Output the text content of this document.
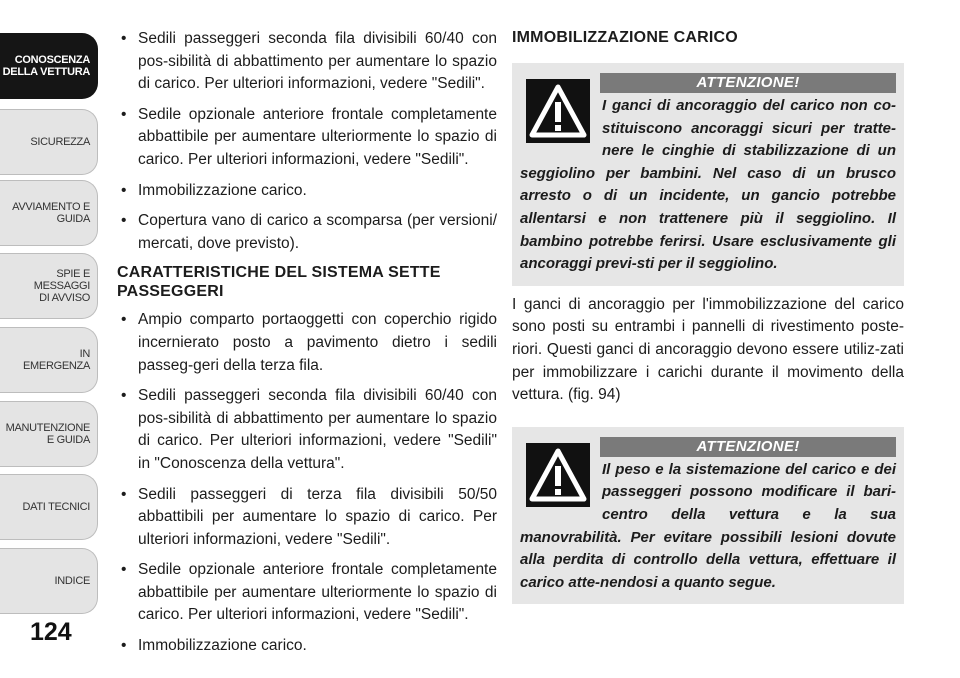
CONOSCENZA
DELLA VETTURA
SICUREZZA
AVVIAMENTO E
GUIDA
SPIE E
MESSAGGI
DI AVVISO
IN
EMERGENZA
MANUTENZIONE
E GUIDA
DATI TECNICI
INDICE
124
• Sedili passeggeri seconda fila divisibili 60/40 con pos-sibilità di abbattimento per aumentare lo spazio di carico. Per ulteriori informazioni, vedere "Sedili".
• Sedile opzionale anteriore frontale completamente abbattibile per aumentare ulteriormente lo spazio di carico. Per ulteriori informazioni, vedere "Sedili".
• Immobilizzazione carico.
• Copertura vano di carico a scomparsa (per versioni/ mercati, dove previsto).
CARATTERISTICHE DEL SISTEMA SETTE PASSEGGERI
• Ampio comparto portaoggetti con coperchio rigido incernierato posto a pavimento dietro i sedili passeg-geri della terza fila.
• Sedili passeggeri seconda fila divisibili 60/40 con pos-sibilità di abbattimento per aumentare lo spazio di carico. Per ulteriori informazioni, vedere "Sedili" in "Conoscenza della vettura".
• Sedili passeggeri di terza fila divisibili 50/50 abbattibili per aumentare lo spazio di carico. Per ulteriori informazioni, vedere "Sedili".
• Sedile opzionale anteriore frontale completamente abbattibile per aumentare ulteriormente lo spazio di carico. Per ulteriori informazioni, vedere "Sedili".
• Immobilizzazione carico.
IMMOBILIZZAZIONE CARICO
ATTENZIONE!
I ganci di ancoraggio del carico non co-stituiscono ancoraggi sicuri per tratte-nere le cinghie di stabilizzazione di un seggiolino per bambini. Nel caso di un brusco arresto o di un incidente, un gancio potrebbe allentarsi e non trattenere più il seggiolino. Il bambino potrebbe ferirsi. Usare esclusivamente gli ancoraggi previ-sti per il seggiolino.

I ganci di ancoraggio per l'immobilizzazione del carico sono posti su entrambi i pannelli di rivestimento poste-riori. Questi ganci di ancoraggio devono essere utiliz-zati per immobilizzare i carichi durante il movimento della vettura. (fig. 94)

ATTENZIONE!
Il peso e la sistemazione del carico e dei passeggeri possono modificare il bari-centro della vettura e la sua manovrabilità. Per evitare possibili lesioni dovute alla perdita di controllo della vettura, effettuare il carico atte-nendosi a quanto segue.
